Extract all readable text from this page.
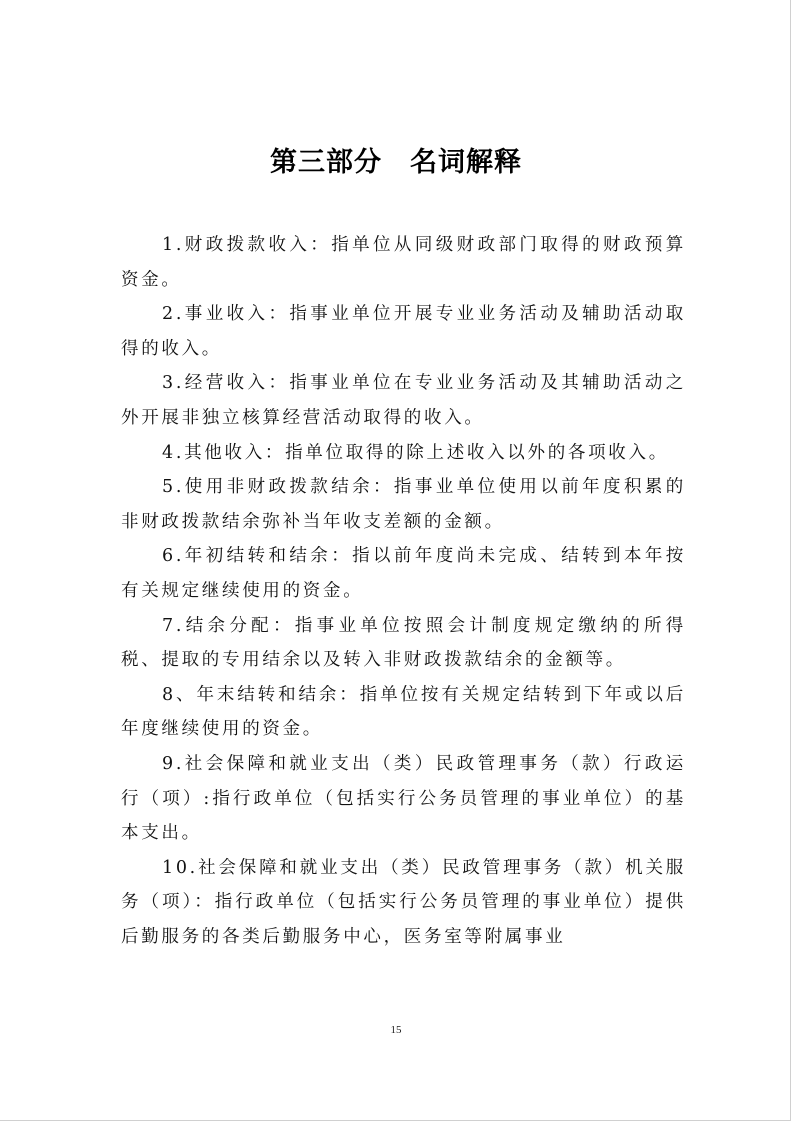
第三部分　名词解释

1.财政拨款收入：指单位从同级财政部门取得的财政预算资金。

2.事业收入：指事业单位开展专业业务活动及辅助活动取得的收入。

3.经营收入：指事业单位在专业业务活动及其辅助活动之外开展非独立核算经营活动取得的收入。

4.其他收入：指单位取得的除上述收入以外的各项收入。

5.使用非财政拨款结余：指事业单位使用以前年度积累的非财政拨款结余弥补当年收支差额的金额。

6.年初结转和结余：指以前年度尚未完成、结转到本年按有关规定继续使用的资金。

7.结余分配：指事业单位按照会计制度规定缴纳的所得税、提取的专用结余以及转入非财政拨款结余的金额等。

8、年末结转和结余：指单位按有关规定结转到下年或以后年度继续使用的资金。

9.社会保障和就业支出（类）民政管理事务（款）行政运行（项）:指行政单位（包括实行公务员管理的事业单位）的基本支出。

10.社会保障和就业支出（类）民政管理事务（款）机关服务（项）：指行政单位（包括实行公务员管理的事业单位）提供后勤服务的各类后勤服务中心，医务室等附属事业

15
